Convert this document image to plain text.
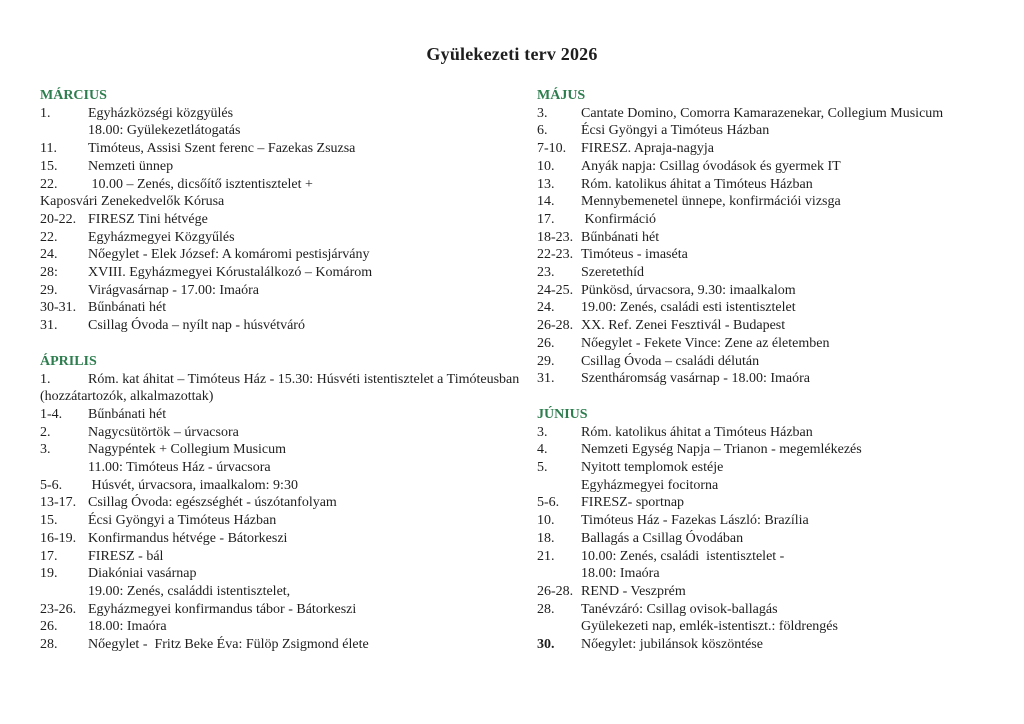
Gyülekezeti terv 2026
MÁRCIUS
1.	Egyházközségi közgyülés
18.00: Gyülekezetlátogatás
11.	Timóteus, Assisi Szent ferenc – Fazekas Zsuzsa
15.	Nemzeti ünnep
22.	10.00 – Zenés, dicsőítő isztentisztelet +
Kaposvári Zenekedvelők Kórusa
20-22. FIRESZ Tini hétvége
22.	Egyházmegyei Közgyűlés
24.	Nőegylet - Elek József: A komáromi pestisjárvány
28:	XVIII. Egyházmegyei Kórustalálkozó – Komárom
29.	Virágvasárnap - 17.00: Imaóra
30-31. Bűnbánati hét
31.	Csillag Óvoda – nyílt nap - húsvétváró
ÁPRILIS
1.	Róm. kat áhitat – Timóteus Ház - 15.30: Húsvéti istentisztelet a Timóteusban
(hozzátartozók, alkalmazottak)
1-4.	Bűnbánati hét
2.	Nagycsütörtök – úrvacsora
3.	Nagypéntek + Collegium Musicum
11.00: Timóteus Ház - úrvacsora
5-6.	Húsvét, úrvacsora, imaalkalom: 9:30
13-17. Csillag Óvoda: egészséghét - úszótanfolyam
15.	Écsi Gyöngyi a Timóteus Házban
16-19. Konfirmandus hétvége - Bátorkeszi
17.	FIRESZ - bál
19.	Diakóniai vasárnap
19.00: Zenés, családdi istentisztelet,
23-26. Egyházmegyei konfirmandus tábor - Bátorkeszi
26.	18.00: Imaóra
28.	Nőegylet -  Fritz Beke Éva: Fülöp Zsigmond élete
MÁJUS
3.	Cantate Domino, Comorra Kamarazenekar, Collegium Musicum
6.	Écsi Gyöngyi a Timóteus Házban
7-10.	FIRESZ. Apraja-nagyja
10.	Anyák napja: Csillag óvodások és gyermek IT
13.	Róm. katolikus áhitat a Timóteus Házban
14.	Mennybemenetel ünnepe, konfirmációi vizsga
17.	Konfirmáció
18-23. Bűnbánati hét
22-23. Timóteus - imaséta
23.	Szeretethíd
24-25. Pünkösd, úrvacsora, 9.30: imaalkalom
24.	19.00: Zenés, családi esti istentisztelet
26-28. XX. Ref. Zenei Fesztivál - Budapest
26.	Nőegylet - Fekete Vince: Zene az életemben
29.	Csillag Óvoda – családi délután
31.	Szentháromság vasárnap - 18.00: Imaóra
JÚNIUS
3.	Róm. katolikus áhitat a Timóteus Házban
4.	Nemzeti Egység Napja – Trianon - megemlékezés
5.	Nyitott templomok estéje
Egyházmegyei focitorna
5-6.	FIRESZ- sportnap
10.	Timóteus Ház - Fazekas László: Brazília
18.	Ballagás a Csillag Óvodában
21.	10.00: Zenés, családi  istentisztelet -
18.00: Imaóra
26-28. REND - Veszprém
28.	Tanévzáró: Csillag ovisok-ballagás
Gyülekezeti nap, emlék-istentiszt.: földrengés
30.	Nőegylet: jubilánsok köszöntése
